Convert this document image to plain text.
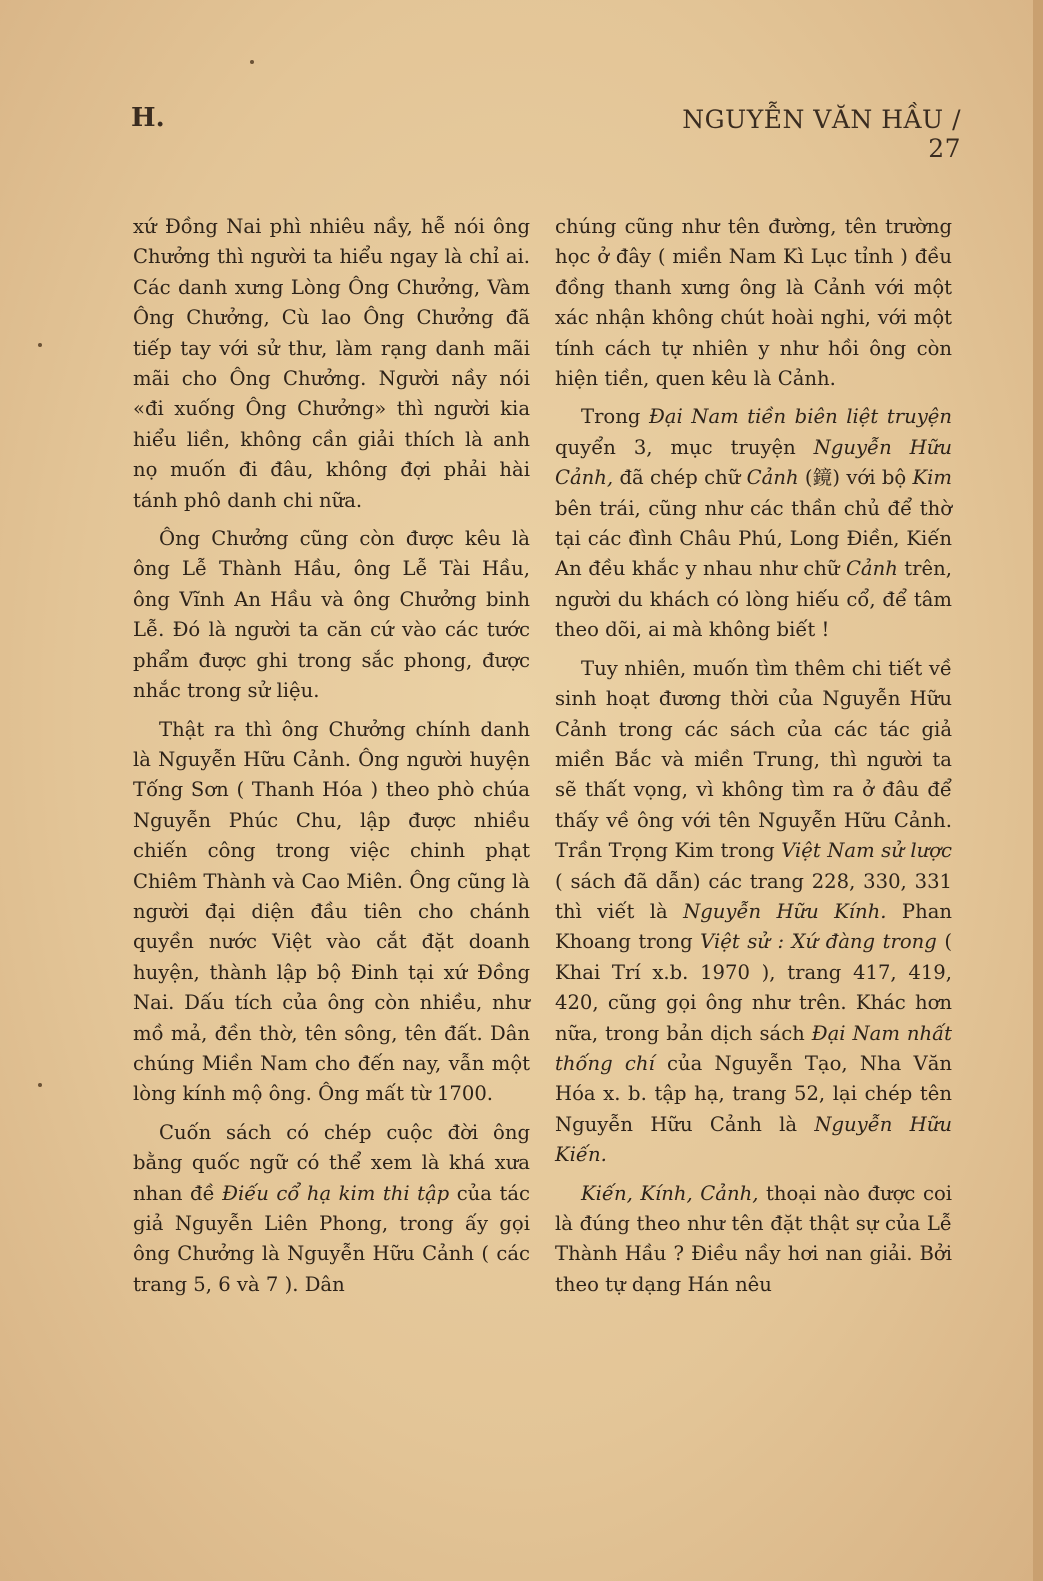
H.	NGUYỄN VĂN HẦU / 27

xứ Đồng Nai phì nhiêu nầy, hễ nói ông Chưởng thì người ta hiểu ngay là chỉ ai. Các danh xưng Lòng Ông Chưởng, Vàm Ông Chưởng, Cù lao Ông Chưởng đã tiếp tay với sử thư, làm rạng danh mãi mãi cho Ông Chưởng. Người nầy nói «đi xuống Ông Chưởng» thì người kia hiểu liền, không cần giải thích là anh nọ muốn đi đâu, không đợi phải hài tánh phô danh chi nữa.

Ông Chưởng cũng còn được kêu là ông Lễ Thành Hầu, ông Lễ Tài Hầu, ông Vĩnh An Hầu và ông Chưởng binh Lễ. Đó là người ta căn cứ vào các tước phẩm được ghi trong sắc phong, được nhắc trong sử liệu.

Thật ra thì ông Chưởng chính danh là Nguyễn Hữu Cảnh. Ông người huyện Tống Sơn ( Thanh Hóa ) theo phò chúa Nguyễn Phúc Chu, lập được nhiều chiến công trong việc chinh phạt Chiêm Thành và Cao Miên. Ông cũng là người đại diện đầu tiên cho chánh quyền nước Việt vào cắt đặt doanh huyện, thành lập bộ Đinh tại xứ Đồng Nai. Dấu tích của ông còn nhiều, như mồ mả, đền thờ, tên sông, tên đất. Dân chúng Miền Nam cho đến nay, vẫn một lòng kính mộ ông. Ông mất từ 1700.

Cuốn sách có chép cuộc đời ông bằng quốc ngữ có thể xem là khá xưa nhan đề Điếu cổ hạ kim thi tập của tác giả Nguyễn Liên Phong, trong ấy gọi ông Chưởng là Nguyễn Hữu Cảnh ( các trang 5, 6 và 7 ). Dân

chúng cũng như tên đường, tên trường học ở đây ( miền Nam Kì Lục tỉnh ) đều đồng thanh xưng ông là Cảnh với một xác nhận không chút hoài nghi, với một tính cách tự nhiên y như hồi ông còn hiện tiền, quen kêu là Cảnh.

Trong Đại Nam tiền biên liệt truyện quyển 3, mục truyện Nguyễn Hữu Cảnh, đã chép chữ Cảnh (鏡) với bộ Kim bên trái, cũng như các thần chủ để thờ tại các đình Châu Phú, Long Điền, Kiến An đều khắc y nhau như chữ Cảnh trên, người du khách có lòng hiếu cổ, để tâm theo dõi, ai mà không biết !

Tuy nhiên, muốn tìm thêm chi tiết về sinh hoạt đương thời của Nguyễn Hữu Cảnh trong các sách của các tác giả miền Bắc và miền Trung, thì người ta sẽ thất vọng, vì không tìm ra ở đâu để thấy về ông với tên Nguyễn Hữu Cảnh. Trần Trọng Kim trong Việt Nam sử lược ( sách đã dẫn) các trang 228, 330, 331 thì viết là Nguyễn Hữu Kính. Phan Khoang trong Việt sử : Xứ đàng trong ( Khai Trí x.b. 1970 ), trang 417, 419, 420, cũng gọi ông như trên. Khác hơn nữa, trong bản dịch sách Đại Nam nhất thống chí của Nguyễn Tạo, Nha Văn Hóa x. b. tập hạ, trang 52, lại chép tên Nguyễn Hữu Cảnh là Nguyễn Hữu Kiến.

Kiến, Kính, Cảnh, thoại nào được coi là đúng theo như tên đặt thật sự của Lễ Thành Hầu ? Điều nầy hơi nan giải. Bởi theo tự dạng Hán nêu
